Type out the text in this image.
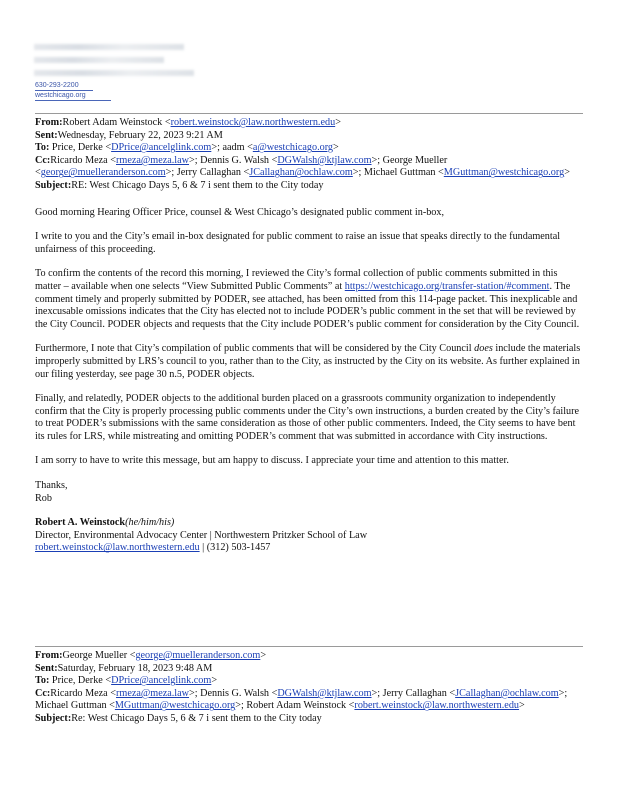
630-293-2200
westchicago.org
From:Robert Adam Weinstock <robert.weinstock@law.northwestern.edu>
Sent:Wednesday, February 22, 2023 9:21 AM
To: Price, Derke <DPrice@ancelglink.com>; aadm <a@westchicago.org>
Cc:Ricardo Meza <rmeza@meza.law>; Dennis G. Walsh <DGWalsh@ktjlaw.com>; George Mueller <george@muelleranderson.com>; Jerry Callaghan <JCallaghan@ochlaw.com>; Michael Guttman <MGuttman@westchicago.org>
Subject:RE: West Chicago Days 5, 6 & 7 i sent them to the City today

Good morning Hearing Officer Price, counsel & West Chicago’s designated public comment in-box,

I write to you and the City’s email in-box designated for public comment to raise an issue that speaks directly to the fundamental unfairness of this proceeding.

To confirm the contents of the record this morning, I reviewed the City’s formal collection of public comments submitted in this matter – available when one selects “View Submitted Public Comments” at https://westchicago.org/transfer-station/#comment. The comment timely and properly submitted by PODER, see attached, has been omitted from this 114-page packet. This inexplicable and inexcusable omissions indicates that the City has elected not to include PODER’s public comment in the set that will be reviewed by the City Council. PODER objects and requests that the City include PODER’s public comment for consideration by the City Council.

Furthermore, I note that City’s compilation of public comments that will be considered by the City Council does include the materials improperly submitted by LRS’s council to you, rather than to the City, as instructed by the City on its website. As further explained in our filing yesterday, see page 30 n.5, PODER objects.

Finally, and relatedly, PODER objects to the additional burden placed on a grassroots community organization to independently confirm that the City is properly processing public comments under the City’s own instructions, a burden created by the City’s failure to treat PODER’s submissions with the same consideration as those of other public commenters. Indeed, the City seems to have bent its rules for LRS, while mistreating and omitting PODER’s comment that was submitted in accordance with City instructions.

I am sorry to have to write this message, but am happy to discuss. I appreciate your time and attention to this matter.

Thanks,

Rob

Robert A. Weinstock(he/him/his)

Director, Environmental Advocacy Center | Northwestern Pritzker School of Law

robert.weinstock@law.northwestern.edu | (312) 503-1457

From:George Mueller <george@muelleranderson.com>
Sent:Saturday, February 18, 2023 9:48 AM
To: Price, Derke <DPrice@ancelglink.com>
Cc:Ricardo Meza <rmeza@meza.law>; Dennis G. Walsh <DGWalsh@ktjlaw.com>; Jerry Callaghan <JCallaghan@ochlaw.com>; Michael Guttman <MGuttman@westchicago.org>; Robert Adam Weinstock <robert.weinstock@law.northwestern.edu>
Subject:Re: West Chicago Days 5, 6 & 7 i sent them to the City today
